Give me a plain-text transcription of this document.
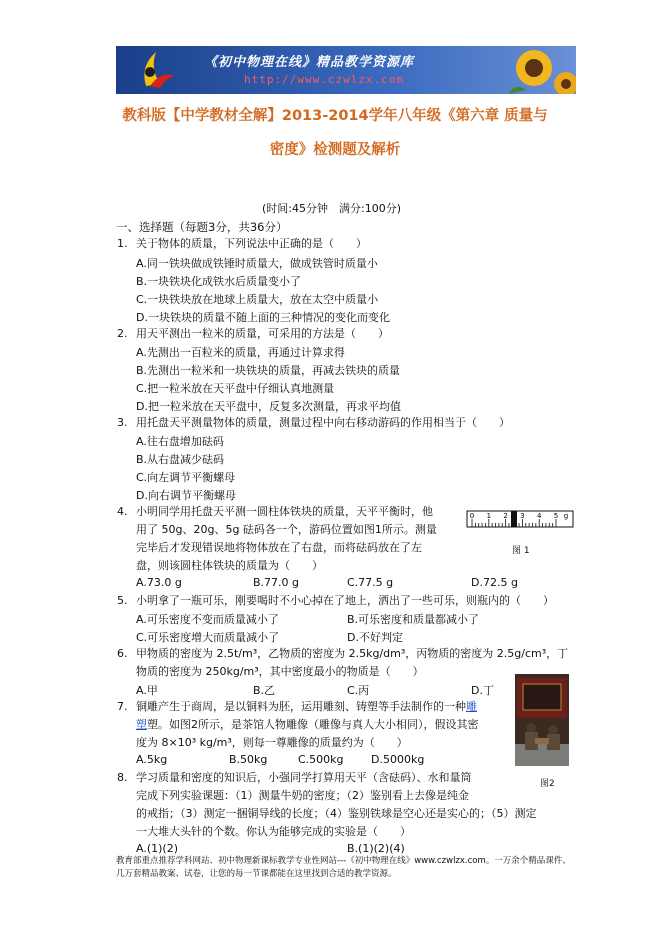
《初中物理在线》精品教学资源库
http://www.czwlzx.com
教科版【中学教材全解】2013-2014学年八年级《第六章 质量与
密度》检测题及解析
(时间:45分钟　满分:100分)
一、选择题（每题3分，共36分）
1. 关于物体的质量，下列说法中正确的是（　　）
A.同一铁块做成铁锤时质量大，做成铁管时质量小
B.一块铁块化成铁水后质量变小了
C.一块铁块放在地球上质量大，放在太空中质量小
D.一块铁块的质量不随上面的三种情况的变化而变化
2. 用天平测出一粒米的质量，可采用的方法是（　　）
A.先测出一百粒米的质量，再通过计算求得
B.先测出一粒米和一块铁块的质量，再减去铁块的质量
C.把一粒米放在天平盘中仔细认真地测量
D.把一粒米放在天平盘中，反复多次测量，再求平均值
3. 用托盘天平测量物体的质量，测量过程中向右移动游码的作用相当于（　　）
A.往右盘增加砝码
B.从右盘减少砝码
C.向左调节平衡螺母
D.向右调节平衡螺母
4. 小明同学用托盘天平测一圆柱体铁块的质量，天平平衡时，他
用了 50g、20g、5g 砝码各一个，游码位置如图1所示。测量
完毕后才发现错误地将物体放在了右盘，而将砝码放在了左
盘，则该圆柱体铁块的质量为（　　）
A.73.0 g	B.77.0 g	C.77.5 g	D.72.5 g
0 1 2 3 4 5 g
图 1
5. 小明拿了一瓶可乐，刚要喝时不小心掉在了地上，洒出了一些可乐，则瓶内的（　　）
A.可乐密度不变而质量减小了	B.可乐密度和质量都减小了
C.可乐密度增大而质量减小了	D.不好判定
6. 甲物质的密度为 2.5t/m³，乙物质的密度为 2.5kg/dm³，丙物质的密度为 2.5g/cm³，丁
物质的密度为 250kg/m³，其中密度最小的物质是（　　）
A.甲	B.乙	C.丙	D.丁
7. 铜雕产生于商周，是以铜料为胚，运用雕刻、铸塑等手法制作的一种雕
塑塑。如图2所示，是茶馆人物雕像（雕像与真人大小相同），假设其密
度为 8×10³ kg/m³，则每一尊雕像的质量约为（　　）
A.5kg	B.50kg	C.500kg D.5000kg
图2
8. 学习质量和密度的知识后，小强同学打算用天平（含砝码）、水和量筒
完成下列实验课题：（1）测量牛奶的密度；（2）鉴别看上去像是纯金
的戒指；（3）测定一捆铜导线的长度；（4）鉴别铁球是空心还是实心的；（5）测定
一大堆大头针的个数。你认为能够完成的实验是（　　）
A.(1)(2)	B.(1)(2)(4)
教育部重点推荐学科网站、初中物理新课标教学专业性网站---《初中物理在线》www.czwlzx.com。一万余个精品课件、几万套精品教案、试卷，让您的每一节课都能在这里找到合适的教学资源。
